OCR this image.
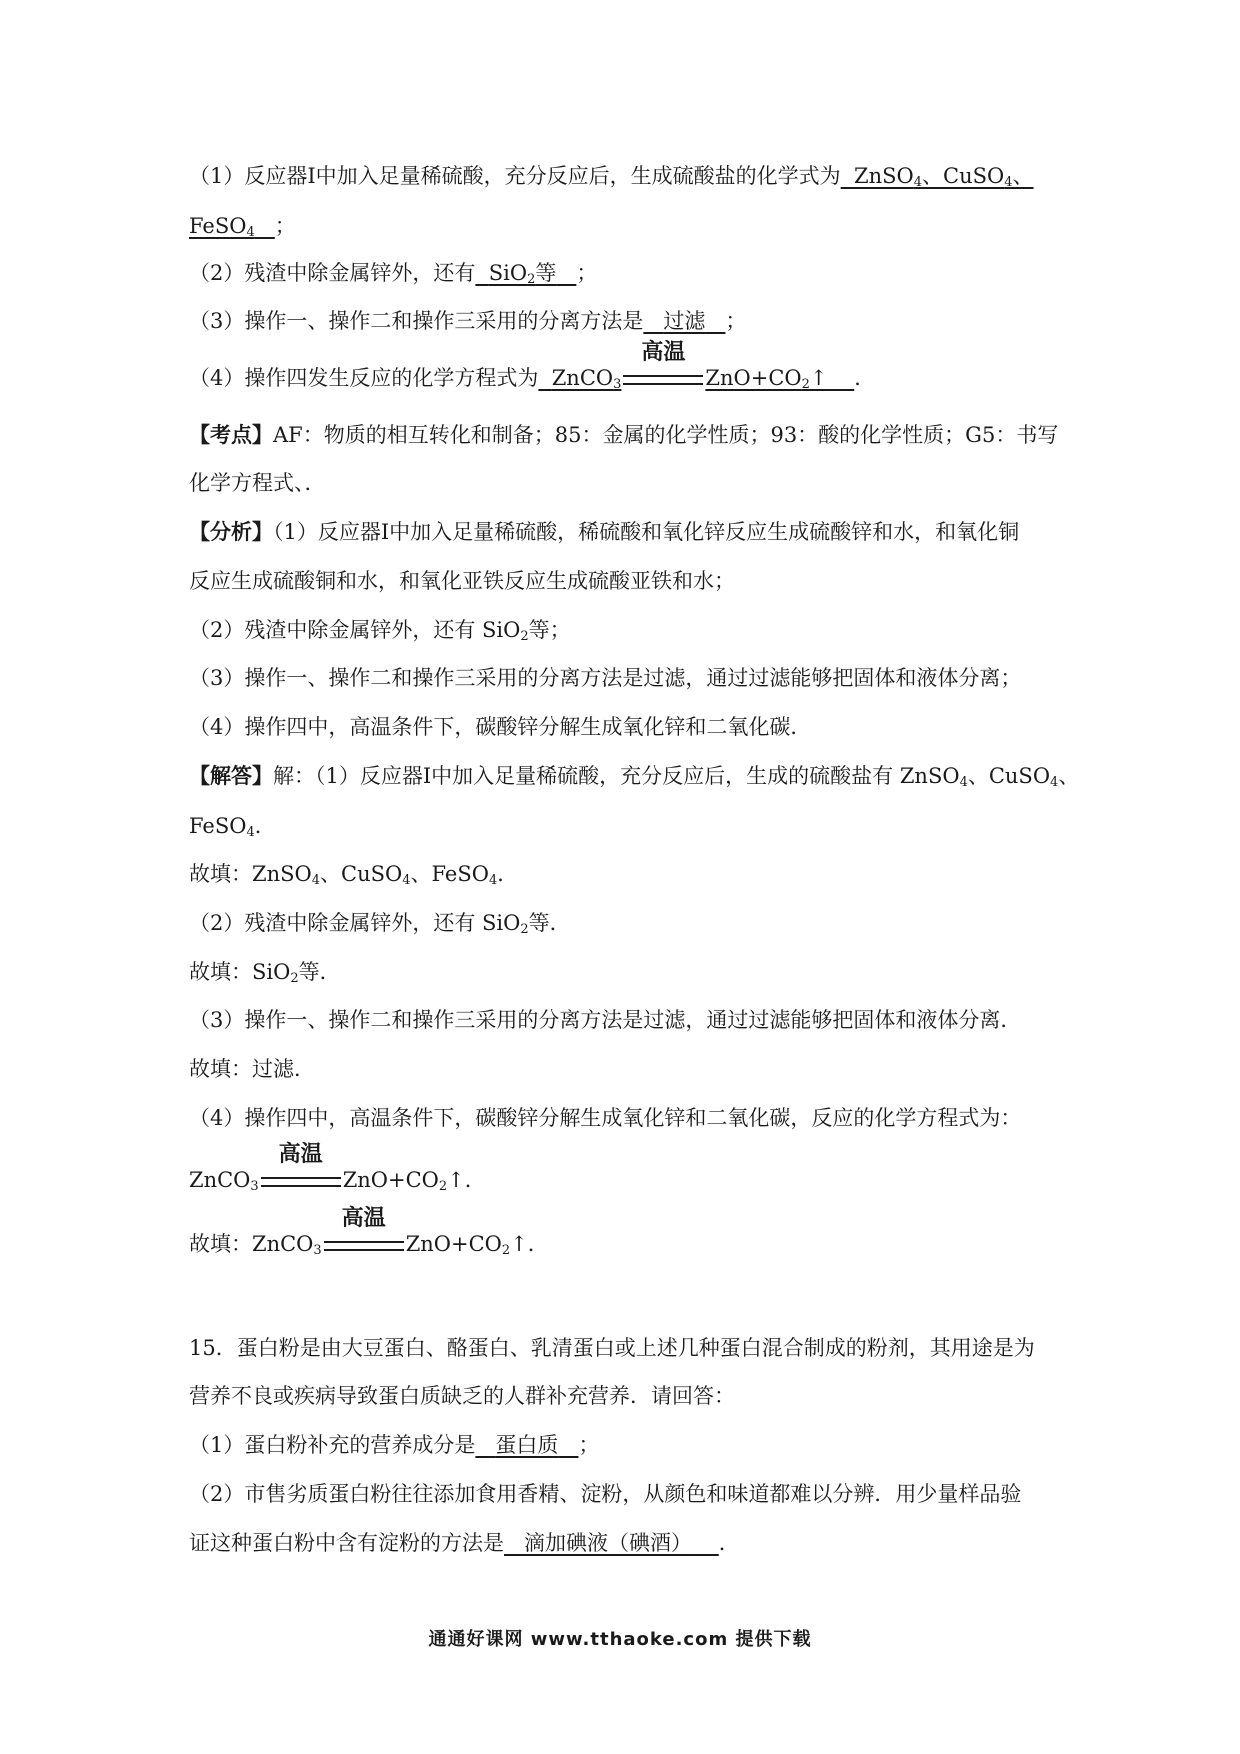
（1）反应器Ⅰ中加入足量稀硫酸，充分反应后，生成硫酸盐的化学式为 ZnSO$_4$、CuSO$_4$、
FeSO$_4$ ；
（2）残渣中除金属锌外，还有 SiO$_2$等 ；
（3）操作一、操作二和操作三采用的分离方法是 过滤 ；
（4）操作四发生反应的化学方程式为 ZnCO$_3$
高温
$ZnO+CO_2↑$ ．
【考点】AF：物质的相互转化和制备；85：金属的化学性质；93：酸的化学性质；G5：书写
化学方程式、．
【分析】（1）反应器Ⅰ中加入足量稀硫酸，稀硫酸和氧化锌反应生成硫酸锌和水，和氧化铜
反应生成硫酸铜和水，和氧化亚铁反应生成硫酸亚铁和水；
（2）残渣中除金属锌外，还有 SiO$_2$等；
（3）操作一、操作二和操作三采用的分离方法是过滤，通过过滤能够把固体和液体分离；
（4）操作四中，高温条件下，碳酸锌分解生成氧化锌和二氧化碳．
【解答】解：（1）反应器Ⅰ中加入足量稀硫酸，充分反应后，生成的硫酸盐有 ZnSO$_4$、CuSO$_4$、
FeSO$_4$．
故填：ZnSO$_4$、CuSO$_4$、FeSO$_4$．
（2）残渣中除金属锌外，还有 SiO$_2$等．
故填：SiO$_2$等．
（3）操作一、操作二和操作三采用的分离方法是过滤，通过过滤能够把固体和液体分离．
故填：过滤．
（4）操作四中，高温条件下，碳酸锌分解生成氧化锌和二氧化碳，反应的化学方程式为：
ZnCO$_3$
高温
$ZnO+CO_2↑$．
故填：ZnCO$_3$
高温
$ZnO+CO_2↑$．
15．蛋白粉是由大豆蛋白、酪蛋白、乳清蛋白或上述几种蛋白混合制成的粉剂，其用途是为
营养不良或疾病导致蛋白质缺乏的人群补充营养．请回答：
（1）蛋白粉补充的营养成分是 蛋白质 ；
（2）市售劣质蛋白粉往往添加食用香精、淀粉，从颜色和味道都难以分辨．用少量样品验
证这种蛋白粉中含有淀粉的方法是 滴加碘液（碘酒） ．
通通好课网 www.tthaoke.com 提供下载
